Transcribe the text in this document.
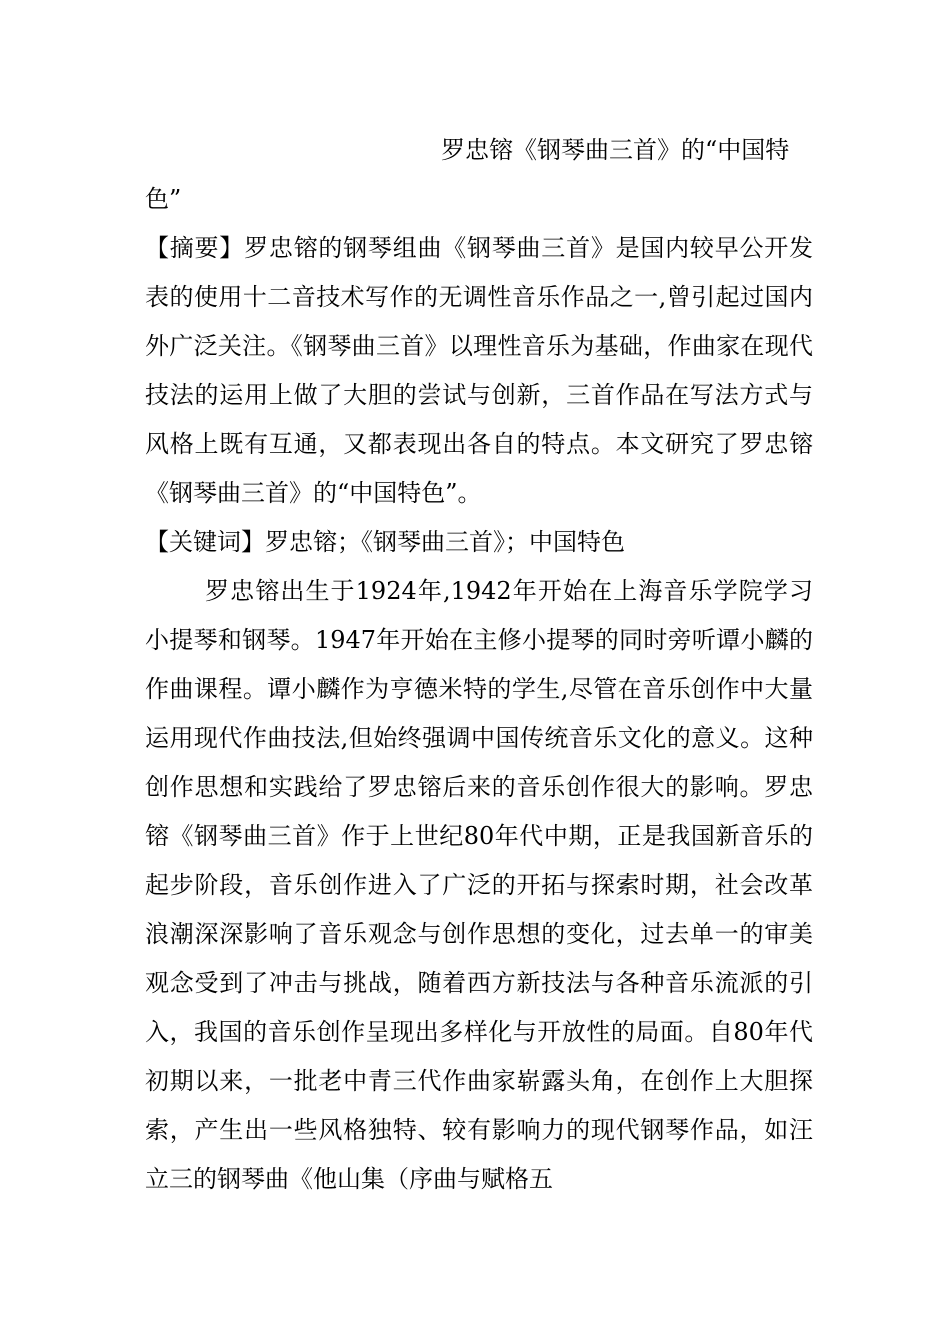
罗忠镕《钢琴曲三首》的“中国特
色”

【摘要】罗忠镕的钢琴组曲《钢琴曲三首》是国内较早公开发表的使用十二音技术写作的无调性音乐作品之一,曾引起过国内外广泛关注。《钢琴曲三首》以理性音乐为基础，作曲家在现代技法的运用上做了大胆的尝试与创新，三首作品在写法方式与风格上既有互通，又都表现出各自的特点。本文研究了罗忠镕《钢琴曲三首》的“中国特色”。

【关键词】罗忠镕；《钢琴曲三首》；中国特色

罗忠镕出生于1924年,1942年开始在上海音乐学院学习小提琴和钢琴。1947年开始在主修小提琴的同时旁听谭小麟的作曲课程。谭小麟作为亨德米特的学生,尽管在音乐创作中大量运用现代作曲技法,但始终强调中国传统音乐文化的意义。这种创作思想和实践给了罗忠镕后来的音乐创作很大的影响。罗忠镕《钢琴曲三首》作于上世纪80年代中期，正是我国新音乐的起步阶段，音乐创作进入了广泛的开拓与探索时期，社会改革浪潮深深影响了音乐观念与创作思想的变化，过去单一的审美观念受到了冲击与挑战，随着西方新技法与各种音乐流派的引入，我国的音乐创作呈现出多样化与开放性的局面。自80年代初期以来，一批老中青三代作曲家崭露头角，在创作上大胆探索，产生出一些风格独特、较有影响力的现代钢琴作品，如汪立三的钢琴曲《他山集（序曲与赋格五
